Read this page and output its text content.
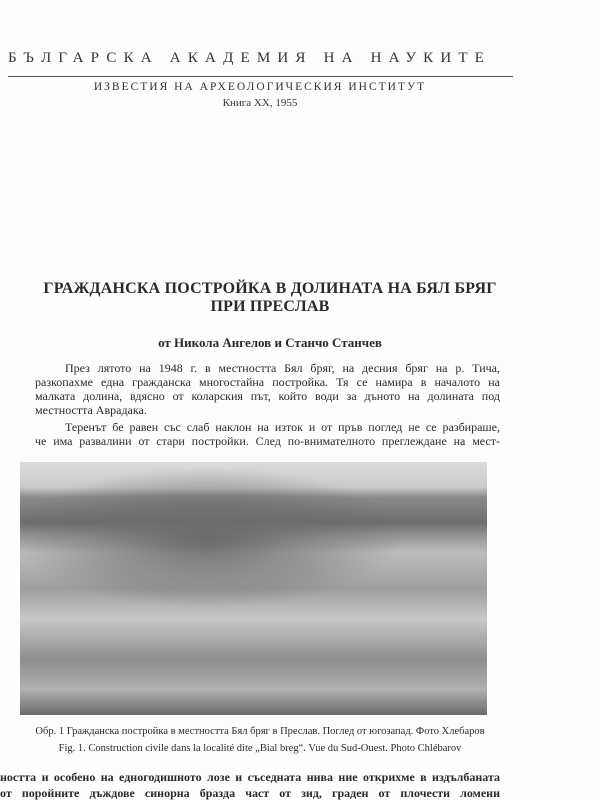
БЪЛГАРСКА АКАДЕМИЯ НА НАУКИТЕ
ИЗВЕСТИЯ НА АРХЕОЛОГИЧЕСКИЯ ИНСТИТУТ
Книга XX, 1955
ГРАЖДАНСКА ПОСТРОЙКА В ДОЛИНАТА НА БЯЛ БРЯГ
ПРИ ПРЕСЛАВ
от Никола Ангелов и Станчо Станчев
През лятото на 1948 г. в местността Бял бряг, на десния бряг на р. Тича,
разкопахме една гражданска многостайна постройка. Тя се намира в началото на
малката долина, вдясно от коларския път, който води за дъното на долината под
местността Аврадака.
Теренът бе равен със слаб наклон на изток и от пръв поглед не се разбираше,
че има развалини от стари постройки. След по-внимателното преглеждане на мест-
Обр. 1 Гражданска постройка в местността Бял бряг в Преслав. Поглед от югозапад. Фото Хлебаров
Fig. 1. Construction civile dans la localité dite „Bial breg“. Vue du Sud-Ouest. Photo Chlébarov
ността и особено на едногодишното лозе и съседната нива ние открихме в издълбаната
от поройните дъждове синорна бразда част от зид, граден от плочести ломени
